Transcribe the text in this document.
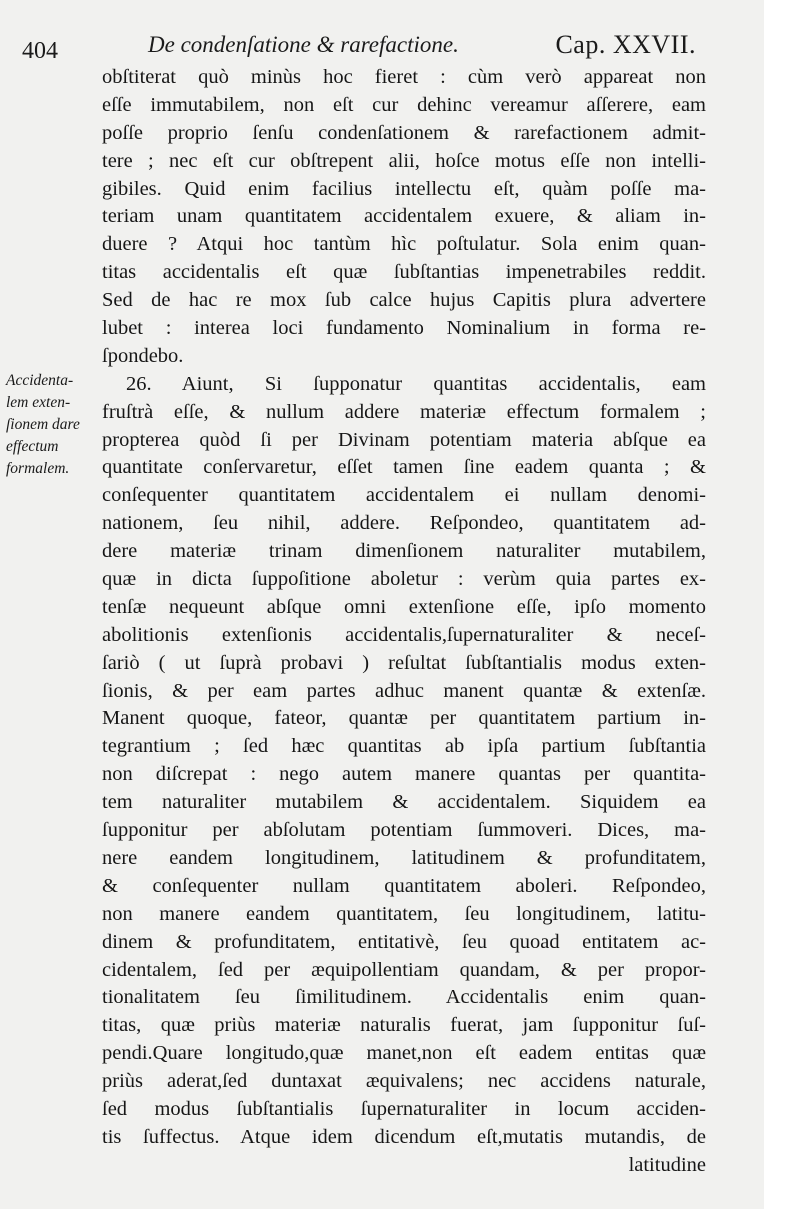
404	De condenſatione & rarefactione.	Cap. XXVII.
Accidenta-
lem exten-
ſionem dare
effectum
formalem.
obſtiterat quò minùs hoc fieret : cùm verò appareat non
eſſe immutabilem, non eſt cur dehinc vereamur aſſerere, eam
poſſe proprio ſenſu condenſationem & rarefactionem admit-
tere ; nec eſt cur obſtrepent alii, hoſce motus eſſe non intelli-
gibiles. Quid enim facilius intellectu eſt, quàm poſſe ma-
teriam unam quantitatem accidentalem exuere, & aliam in-
duere ? Atqui hoc tantùm hìc poſtulatur. Sola enim quan-
titas accidentalis eſt quæ ſubſtantias impenetrabiles reddit.
Sed de hac re mox ſub calce hujus Capitis plura advertere
lubet : interea loci fundamento Nominalium in forma re-
ſpondebo.
26. Aiunt, Si ſupponatur quantitas accidentalis, eam
fruſtrà eſſe, & nullum addere materiæ effectum formalem ;
propterea quòd ſi per Divinam potentiam materia abſque ea
quantitate conſervaretur, eſſet tamen ſine eadem quanta ; &
conſequenter quantitatem accidentalem ei nullam denomi-
nationem, ſeu nihil, addere. Reſpondeo, quantitatem ad-
dere materiæ trinam dimenſionem naturaliter mutabilem,
quæ in dicta ſuppoſitione aboletur : verùm quia partes ex-
tenſæ nequeunt abſque omni extenſione eſſe, ipſo momento
abolitionis extenſionis accidentalis,ſupernaturaliter & neceſ-
ſariò ( ut ſuprà probavi ) reſultat ſubſtantialis modus exten-
ſionis, & per eam partes adhuc manent quantæ & extenſæ.
Manent quoque, fateor, quantæ per quantitatem partium in-
tegrantium ; ſed hæc quantitas ab ipſa partium ſubſtantia
non diſcrepat : nego autem manere quantas per quantita-
tem naturaliter mutabilem & accidentalem. Siquidem ea
ſupponitur per abſolutam potentiam ſummoveri. Dices, ma-
nere eandem longitudinem, latitudinem & profunditatem,
& conſequenter nullam quantitatem aboleri. Reſpondeo,
non manere eandem quantitatem, ſeu longitudinem, latitu-
dinem & profunditatem, entitativè, ſeu quoad entitatem ac-
cidentalem, ſed per æquipollentiam quandam, & per propor-
tionalitatem ſeu ſimilitudinem. Accidentalis enim quan-
titas, quæ priùs materiæ naturalis fuerat, jam ſupponitur ſuſ-
pendi.Quare longitudo,quæ manet,non eſt eadem entitas quæ
priùs aderat,ſed duntaxat æquivalens; nec accidens naturale,
ſed modus ſubſtantialis ſupernaturaliter in locum acciden-
tis ſuffectus. Atque idem dicendum eſt,mutatis mutandis, de
latitudine
